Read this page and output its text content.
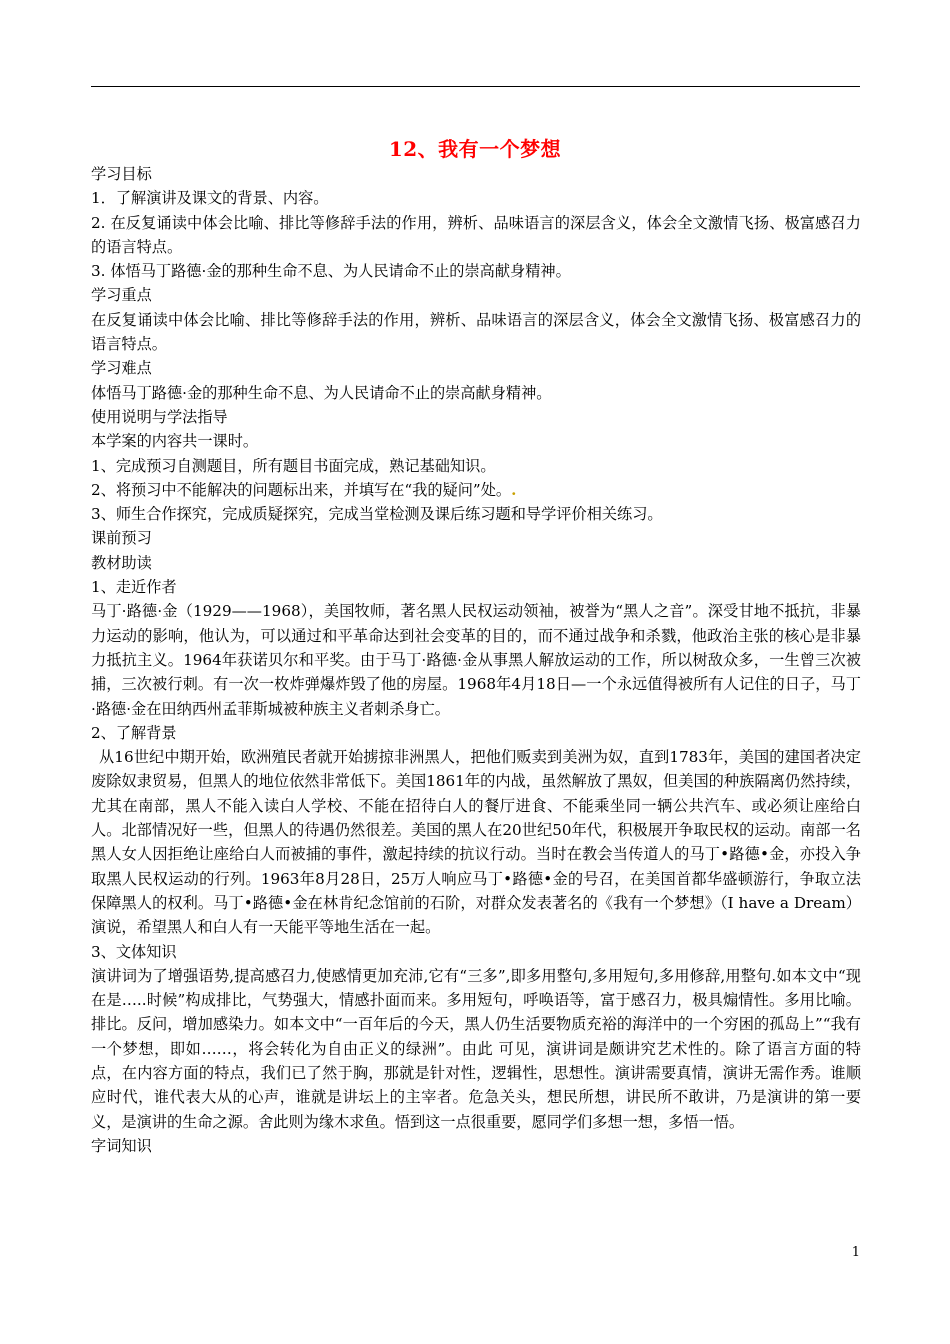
12、我有一个梦想

学习目标

1．了解演讲及课文的背景、内容。

2. 在反复诵读中体会比喻、排比等修辞手法的作用，辨析、品味语言的深层含义，体会全文激情飞扬、极富感召力的语言特点。

3. 体悟马丁路德·金的那种生命不息、为人民请命不止的崇高献身精神。

学习重点

在反复诵读中体会比喻、排比等修辞手法的作用，辨析、品味语言的深层含义，体会全文激情飞扬、极富感召力的语言特点。

学习难点

体悟马丁路德·金的那种生命不息、为人民请命不止的崇高献身精神。

使用说明与学法指导

本学案的内容共一课时。

1、完成预习自测题目，所有题目书面完成，熟记基础知识。

2、将预习中不能解决的问题标出来，并填写在“我的疑问”处。.

3、师生合作探究，完成质疑探究，完成当堂检测及课后练习题和导学评价相关练习。

课前预习

教材助读

1、走近作者

马丁·路德·金（1929——1968），美国牧师，著名黑人民权运动领袖，被誉为“黑人之音”。深受甘地不抵抗，非暴力运动的影响，他认为，可以通过和平革命达到社会变革的目的，而不通过战争和杀戮，他政治主张的核心是非暴力抵抗主义。1964年获诺贝尔和平奖。由于马丁·路德·金从事黑人解放运动的工作，所以树敌众多，一生曾三次被捕，三次被行刺。有一次一枚炸弹爆炸毁了他的房屋。1968年4月18日—一个永远值得被所有人记住的日子，马丁·路德·金在田纳西州孟菲斯城被种族主义者刺杀身亡。

2、了解背景

从16世纪中期开始，欧洲殖民者就开始掳掠非洲黑人，把他们贩卖到美洲为奴，直到1783年，美国的建国者决定废除奴隶贸易，但黑人的地位依然非常低下。美国1861年的内战，虽然解放了黑奴，但美国的种族隔离仍然持续，尤其在南部，黑人不能入读白人学校、不能在招待白人的餐厅进食、不能乘坐同一辆公共汽车、或必须让座给白人。北部情况好一些，但黑人的待遇仍然很差。美国的黑人在20世纪50年代，积极展开争取民权的运动。南部一名黑人女人因拒绝让座给白人而被捕的事件，激起持续的抗议行动。当时在教会当传道人的马丁•路德•金，亦投入争取黑人民权运动的行列。1963年8月28日，25万人响应马丁•路德•金的号召，在美国首都华盛顿游行，争取立法保障黑人的权利。马丁•路德•金在林肯纪念馆前的石阶，对群众发表著名的《我有一个梦想》（I have a Dream）演说，希望黑人和白人有一天能平等地生活在一起。

3、文体知识

演讲词为了增强语势,提高感召力,使感情更加充沛,它有“三多”,即多用整句,多用短句,多用修辞,用整句.如本文中“现在是…..时候”构成排比，气势强大，情感扑面而来。多用短句，呼唤语等，富于感召力，极具煽情性。多用比喻。排比。反问，增加感染力。如本文中“一百年后的今天，黑人仍生活要物质充裕的海洋中的一个穷困的孤岛上”“我有一个梦想，即如……，将会转化为自由正义的绿洲”。由此 可见，演讲词是颇讲究艺术性的。除了语言方面的特点，在内容方面的特点，我们已了然于胸，那就是针对性，逻辑性，思想性。演讲需要真情，演讲无需作秀。谁顺应时代，谁代表大从的心声，谁就是讲坛上的主宰者。危急关头，想民所想，讲民所不敢讲，乃是演讲的第一要义，是演讲的生命之源。舍此则为缘木求鱼。悟到这一点很重要，愿同学们多想一想，多悟一悟。

字词知识

1
